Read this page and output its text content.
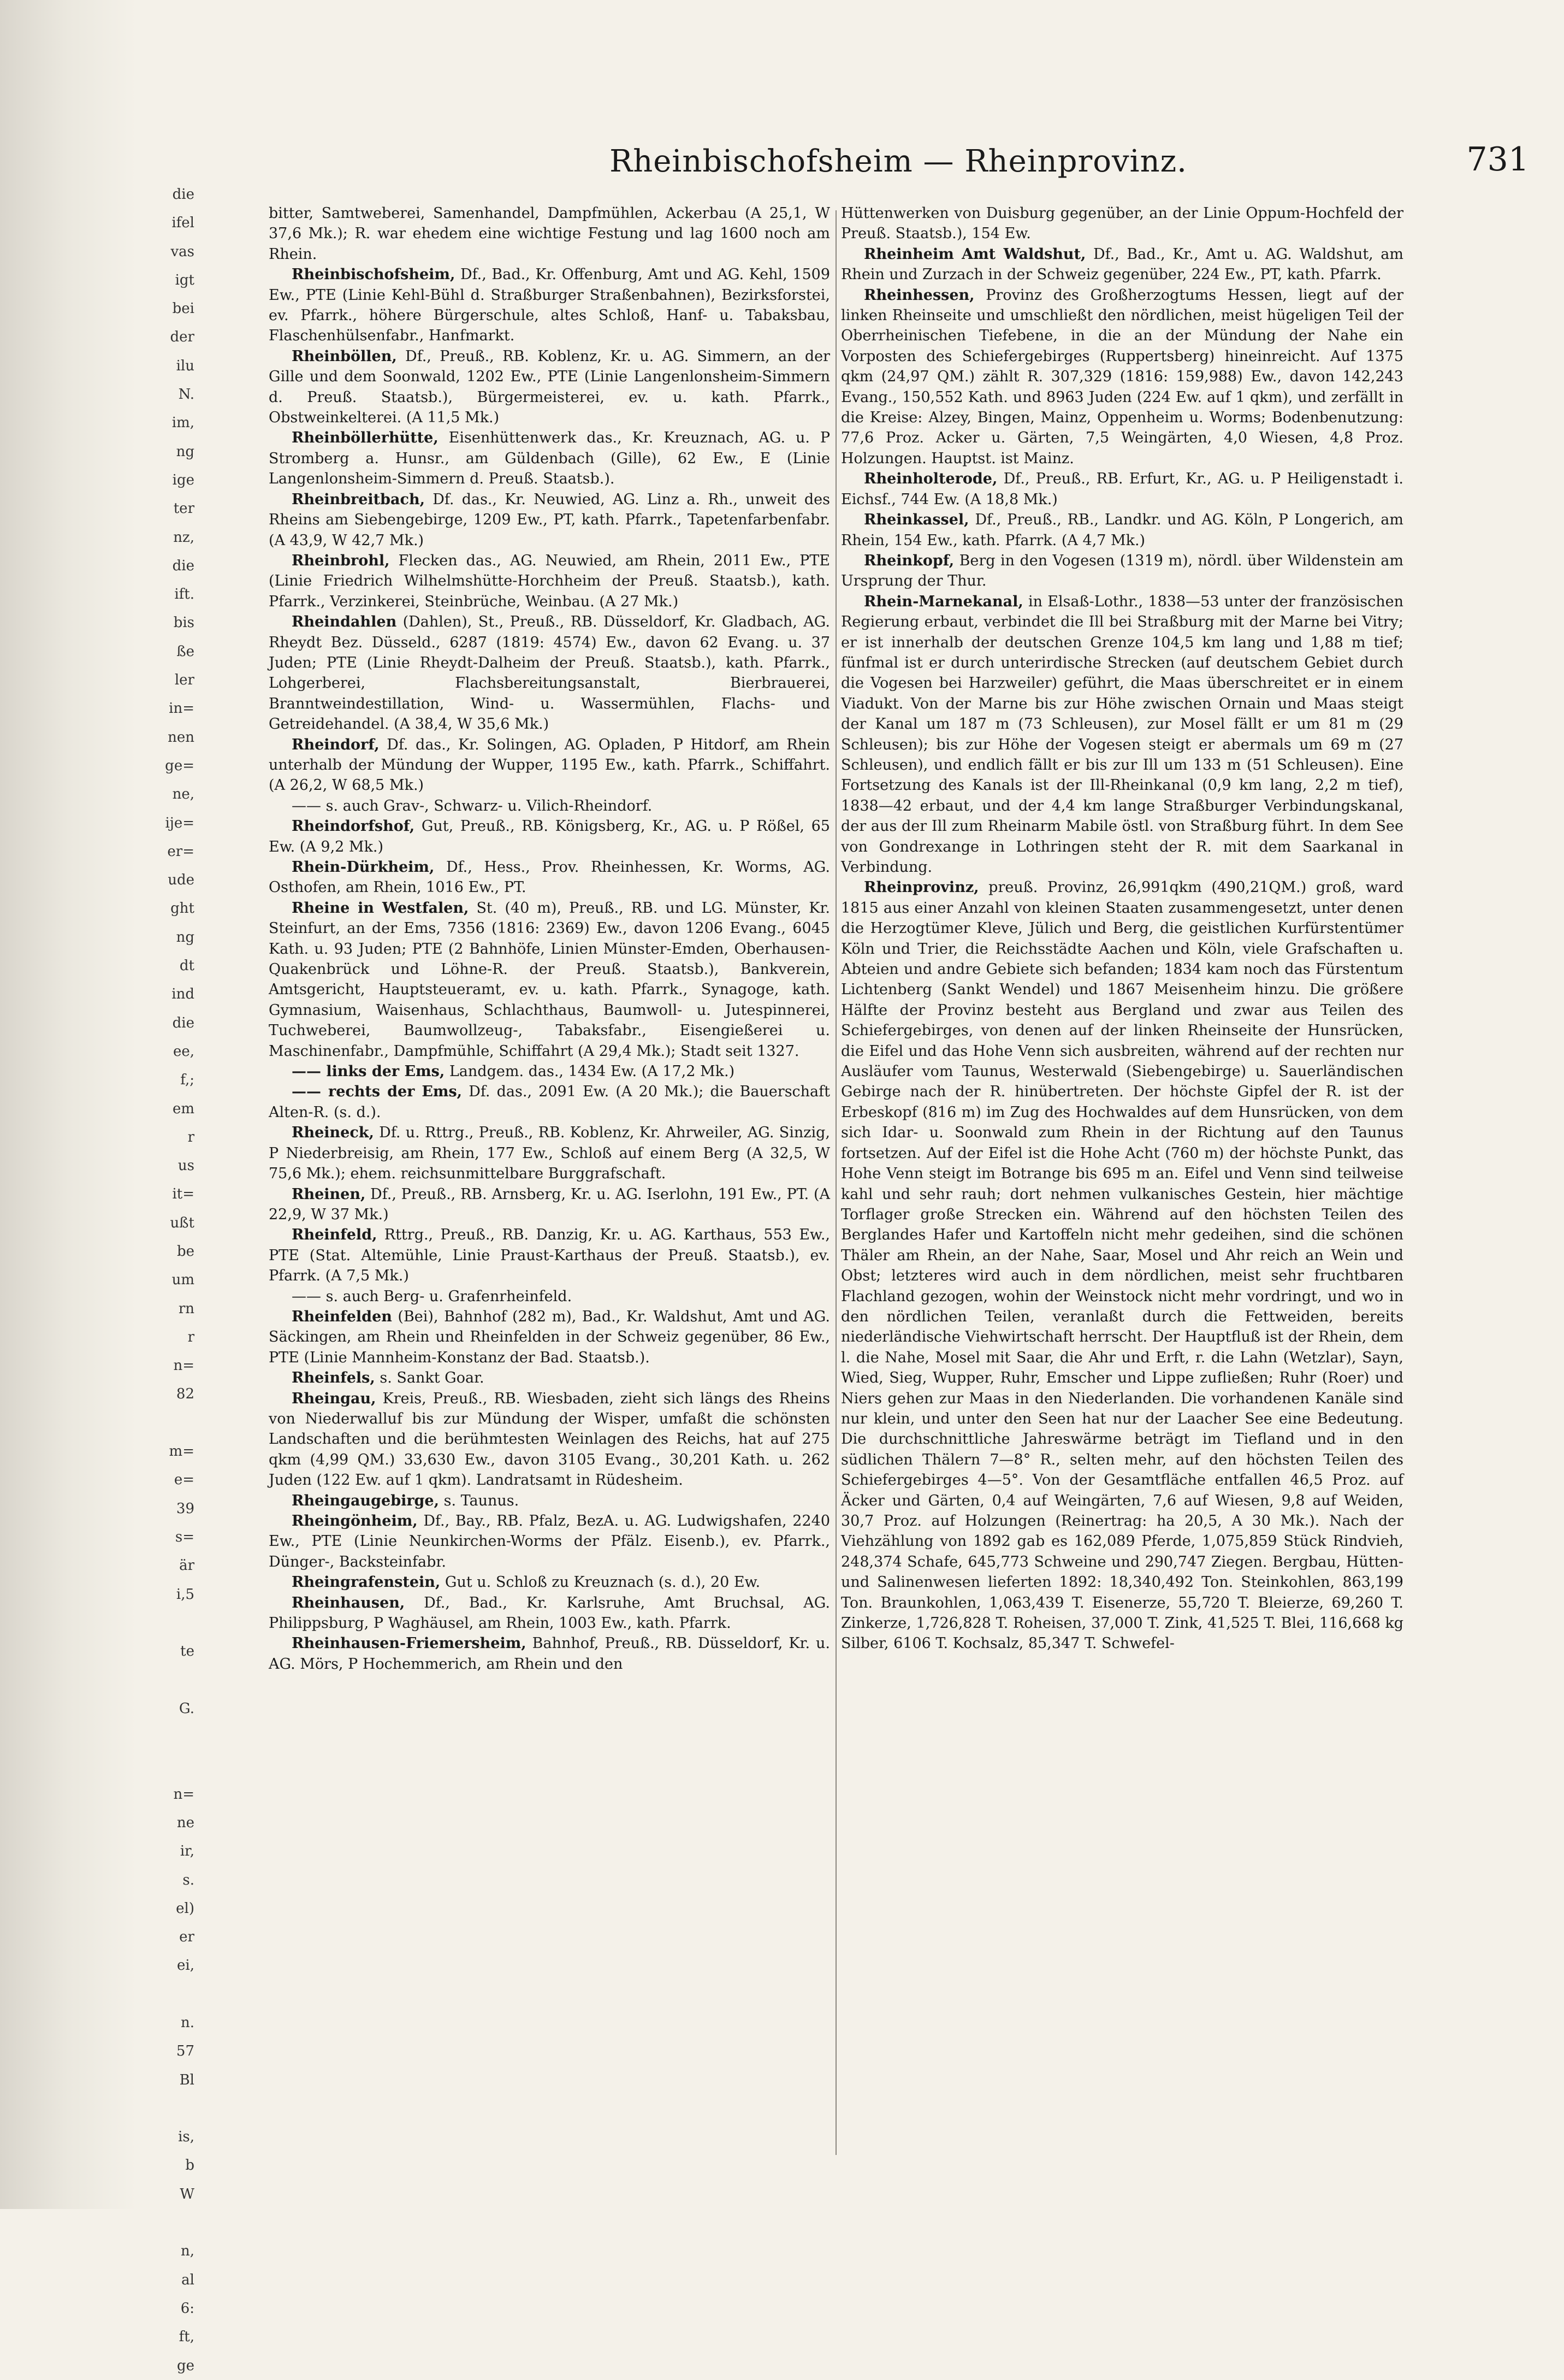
die
ifel
vas
igt
bei
der
ilu
N.
im,
ng
ige
ter
nz,
die
ift.
bis
ße
ler
in=
nen
ge=
ne,
ije=
er=
ude
ght
ng
dt
ind
die
ee,
f,;
em
r
us
it=
ußt
be
um
rn
r
n=
82

m=
e=
39
s=
är
i,5

te

G.

n=
ne
ir,
s.
el)
er
ei,

n.
57
Bl

is,
b
W

n,
al
6:
ft,
ge
Rheinbischofsheim — Rheinprovinz.	731

bitter, Samtweberei, Samenhandel, Dampfmühlen, Ackerbau (A 25,1, W 37,6 Mk.); R. war ehedem eine wichtige Festung und lag 1600 noch am Rhein.

Rheinbischofsheim, Df., Bad., Kr. Offenburg, Amt und AG. Kehl, 1509 Ew., PTE (Linie Kehl-Bühl d. Straßburger Straßenbahnen), Bezirksforstei, ev. Pfarrk., höhere Bürgerschule, altes Schloß, Hanf- u. Tabaksbau, Flaschenhülsenfabr., Hanfmarkt.

Rheinböllen, Df., Preuß., RB. Koblenz, Kr. u. AG. Simmern, an der Gille und dem Soonwald, 1202 Ew., PTE (Linie Langenlonsheim-Simmern d. Preuß. Staatsb.), Bürgermeisterei, ev. u. kath. Pfarrk., Obstweinkelterei. (A 11,5 Mk.)

Rheinböllerhütte, Eisenhüttenwerk das., Kr. Kreuznach, AG. u. P Stromberg a. Hunsr., am Güldenbach (Gille), 62 Ew., E (Linie Langenlonsheim-Simmern d. Preuß. Staatsb.).

Rheinbreitbach, Df. das., Kr. Neuwied, AG. Linz a. Rh., unweit des Rheins am Siebengebirge, 1209 Ew., PT, kath. Pfarrk., Tapetenfarbenfabr. (A 43,9, W 42,7 Mk.)

Rheinbrohl, Flecken das., AG. Neuwied, am Rhein, 2011 Ew., PTE (Linie Friedrich Wilhelmshütte-Horchheim der Preuß. Staatsb.), kath. Pfarrk., Verzinkerei, Steinbrüche, Weinbau. (A 27 Mk.)

Rheindahlen (Dahlen), St., Preuß., RB. Düsseldorf, Kr. Gladbach, AG. Rheydt Bez. Düsseld., 6287 (1819: 4574) Ew., davon 62 Evang. u. 37 Juden; PTE (Linie Rheydt-Dalheim der Preuß. Staatsb.), kath. Pfarrk., Lohgerberei, Flachsbereitungsanstalt, Bierbrauerei, Branntweindestillation, Wind- u. Wassermühlen, Flachs- und Getreidehandel. (A 38,4, W 35,6 Mk.)

Rheindorf, Df. das., Kr. Solingen, AG. Opladen, P Hitdorf, am Rhein unterhalb der Mündung der Wupper, 1195 Ew., kath. Pfarrk., Schiffahrt. (A 26,2, W 68,5 Mk.)

—— s. auch Grav-, Schwarz- u. Vilich-Rheindorf.

Rheindorfshof, Gut, Preuß., RB. Königsberg, Kr., AG. u. P Rößel, 65 Ew. (A 9,2 Mk.)

Rhein-Dürkheim, Df., Hess., Prov. Rheinhessen, Kr. Worms, AG. Osthofen, am Rhein, 1016 Ew., PT.

Rheine in Westfalen, St. (40 m), Preuß., RB. und LG. Münster, Kr. Steinfurt, an der Ems, 7356 (1816: 2369) Ew., davon 1206 Evang., 6045 Kath. u. 93 Juden; PTE (2 Bahnhöfe, Linien Münster-Emden, Oberhausen-Quakenbrück und Löhne-R. der Preuß. Staatsb.), Bankverein, Amtsgericht, Hauptsteueramt, ev. u. kath. Pfarrk., Synagoge, kath. Gymnasium, Waisenhaus, Schlachthaus, Baumwoll- u. Jutespinnerei, Tuchweberei, Baumwollzeug-, Tabaksfabr., Eisengießerei u. Maschinenfabr., Dampfmühle, Schiffahrt (A 29,4 Mk.); Stadt seit 1327.

—— links der Ems, Landgem. das., 1434 Ew. (A 17,2 Mk.)

—— rechts der Ems, Df. das., 2091 Ew. (A 20 Mk.); die Bauerschaft Alten-R. (s. d.).

Rheineck, Df. u. Rttrg., Preuß., RB. Koblenz, Kr. Ahrweiler, AG. Sinzig, P Niederbreisig, am Rhein, 177 Ew., Schloß auf einem Berg (A 32,5, W 75,6 Mk.); ehem. reichsunmittelbare Burggrafschaft.

Rheinen, Df., Preuß., RB. Arnsberg, Kr. u. AG. Iserlohn, 191 Ew., PT. (A 22,9, W 37 Mk.)

Rheinfeld, Rttrg., Preuß., RB. Danzig, Kr. u. AG. Karthaus, 553 Ew., PTE (Stat. Altemühle, Linie Praust-Karthaus der Preuß. Staatsb.), ev. Pfarrk. (A 7,5 Mk.)

—— s. auch Berg- u. Grafenrheinfeld.

Rheinfelden (Bei), Bahnhof (282 m), Bad., Kr. Waldshut, Amt und AG. Säckingen, am Rhein und Rheinfelden in der Schweiz gegenüber, 86 Ew., PTE (Linie Mannheim-Konstanz der Bad. Staatsb.).

Rheinfels, s. Sankt Goar.

Rheingau, Kreis, Preuß., RB. Wiesbaden, zieht sich längs des Rheins von Niederwalluf bis zur Mündung der Wisper, umfaßt die schönsten Landschaften und die berühmtesten Weinlagen des Reichs, hat auf 275 qkm (4,99 QM.) 33,630 Ew., davon 3105 Evang., 30,201 Kath. u. 262 Juden (122 Ew. auf 1 qkm). Landratsamt in Rüdesheim.

Rheingaugebirge, s. Taunus.

Rheingönheim, Df., Bay., RB. Pfalz, BezA. u. AG. Ludwigshafen, 2240 Ew., PTE (Linie Neunkirchen-Worms der Pfälz. Eisenb.), ev. Pfarrk., Dünger-, Backsteinfabr.

Rheingrafenstein, Gut u. Schloß zu Kreuznach (s. d.), 20 Ew.

Rheinhausen, Df., Bad., Kr. Karlsruhe, Amt Bruchsal, AG. Philippsburg, P Waghäusel, am Rhein, 1003 Ew., kath. Pfarrk.

Rheinhausen-Friemersheim, Bahnhof, Preuß., RB. Düsseldorf, Kr. u. AG. Mörs, P Hochemmerich, am Rhein und den

Hüttenwerken von Duisburg gegenüber, an der Linie Oppum-Hochfeld der Preuß. Staatsb.), 154 Ew.

Rheinheim Amt Waldshut, Df., Bad., Kr., Amt u. AG. Waldshut, am Rhein und Zurzach in der Schweiz gegenüber, 224 Ew., PT, kath. Pfarrk.

Rheinhessen, Provinz des Großherzogtums Hessen, liegt auf der linken Rheinseite und umschließt den nördlichen, meist hügeligen Teil der Oberrheinischen Tiefebene, in die an der Mündung der Nahe ein Vorposten des Schiefergebirges (Ruppertsberg) hineinreicht. Auf 1375 qkm (24,97 QM.) zählt R. 307,329 (1816: 159,988) Ew., davon 142,243 Evang., 150,552 Kath. und 8963 Juden (224 Ew. auf 1 qkm), und zerfällt in die Kreise: Alzey, Bingen, Mainz, Oppenheim u. Worms; Bodenbenutzung: 77,6 Proz. Acker u. Gärten, 7,5 Weingärten, 4,0 Wiesen, 4,8 Proz. Holzungen. Hauptst. ist Mainz.

Rheinholterode, Df., Preuß., RB. Erfurt, Kr., AG. u. P Heiligenstadt i. Eichsf., 744 Ew. (A 18,8 Mk.)

Rheinkassel, Df., Preuß., RB., Landkr. und AG. Köln, P Longerich, am Rhein, 154 Ew., kath. Pfarrk. (A 4,7 Mk.)

Rheinkopf, Berg in den Vogesen (1319 m), nördl. über Wildenstein am Ursprung der Thur.

Rhein-Marnekanal, in Elsaß-Lothr., 1838—53 unter der französischen Regierung erbaut, verbindet die Ill bei Straßburg mit der Marne bei Vitry; er ist innerhalb der deutschen Grenze 104,5 km lang und 1,88 m tief; fünfmal ist er durch unterirdische Strecken (auf deutschem Gebiet durch die Vogesen bei Harzweiler) geführt, die Maas überschreitet er in einem Viadukt. Von der Marne bis zur Höhe zwischen Ornain und Maas steigt der Kanal um 187 m (73 Schleusen), zur Mosel fällt er um 81 m (29 Schleusen); bis zur Höhe der Vogesen steigt er abermals um 69 m (27 Schleusen), und endlich fällt er bis zur Ill um 133 m (51 Schleusen). Eine Fortsetzung des Kanals ist der Ill-Rheinkanal (0,9 km lang, 2,2 m tief), 1838—42 erbaut, und der 4,4 km lange Straßburger Verbindungskanal, der aus der Ill zum Rheinarm Mabile östl. von Straßburg führt. In dem See von Gondrexange in Lothringen steht der R. mit dem Saarkanal in Verbindung.

Rheinprovinz, preuß. Provinz, 26,991qkm (490,21QM.) groß, ward 1815 aus einer Anzahl von kleinen Staaten zusammengesetzt, unter denen die Herzogtümer Kleve, Jülich und Berg, die geistlichen Kurfürstentümer Köln und Trier, die Reichsstädte Aachen und Köln, viele Grafschaften u. Abteien und andre Gebiete sich befanden; 1834 kam noch das Fürstentum Lichtenberg (Sankt Wendel) und 1867 Meisenheim hinzu. Die größere Hälfte der Provinz besteht aus Bergland und zwar aus Teilen des Schiefergebirges, von denen auf der linken Rheinseite der Hunsrücken, die Eifel und das Hohe Venn sich ausbreiten, während auf der rechten nur Ausläufer vom Taunus, Westerwald (Siebengebirge) u. Sauerländischen Gebirge nach der R. hinübertreten. Der höchste Gipfel der R. ist der Erbeskopf (816 m) im Zug des Hochwaldes auf dem Hunsrücken, von dem sich Idar- u. Soonwald zum Rhein in der Richtung auf den Taunus fortsetzen. Auf der Eifel ist die Hohe Acht (760 m) der höchste Punkt, das Hohe Venn steigt im Botrange bis 695 m an. Eifel und Venn sind teilweise kahl und sehr rauh; dort nehmen vulkanisches Gestein, hier mächtige Torflager große Strecken ein. Während auf den höchsten Teilen des Berglandes Hafer und Kartoffeln nicht mehr gedeihen, sind die schönen Thäler am Rhein, an der Nahe, Saar, Mosel und Ahr reich an Wein und Obst; letzteres wird auch in dem nördlichen, meist sehr fruchtbaren Flachland gezogen, wohin der Weinstock nicht mehr vordringt, und wo in den nördlichen Teilen, veranlaßt durch die Fettweiden, bereits niederländische Viehwirtschaft herrscht. Der Hauptfluß ist der Rhein, dem l. die Nahe, Mosel mit Saar, die Ahr und Erft, r. die Lahn (Wetzlar), Sayn, Wied, Sieg, Wupper, Ruhr, Emscher und Lippe zufließen; Ruhr (Roer) und Niers gehen zur Maas in den Niederlanden. Die vorhandenen Kanäle sind nur klein, und unter den Seen hat nur der Laacher See eine Bedeutung. Die durchschnittliche Jahreswärme beträgt im Tiefland und in den südlichen Thälern 7—8° R., selten mehr, auf den höchsten Teilen des Schiefergebirges 4—5°. Von der Gesamtfläche entfallen 46,5 Proz. auf Äcker und Gärten, 0,4 auf Weingärten, 7,6 auf Wiesen, 9,8 auf Weiden, 30,7 Proz. auf Holzungen (Reinertrag: ha 20,5, A 30 Mk.). Nach der Viehzählung von 1892 gab es 162,089 Pferde, 1,075,859 Stück Rindvieh, 248,374 Schafe, 645,773 Schweine und 290,747 Ziegen. Bergbau, Hütten- und Salinenwesen lieferten 1892: 18,340,492 Ton. Steinkohlen, 863,199 Ton. Braunkohlen, 1,063,439 T. Eisenerze, 55,720 T. Bleierze, 69,260 T. Zinkerze, 1,726,828 T. Roheisen, 37,000 T. Zink, 41,525 T. Blei, 116,668 kg Silber, 6106 T. Kochsalz, 85,347 T. Schwefel-
